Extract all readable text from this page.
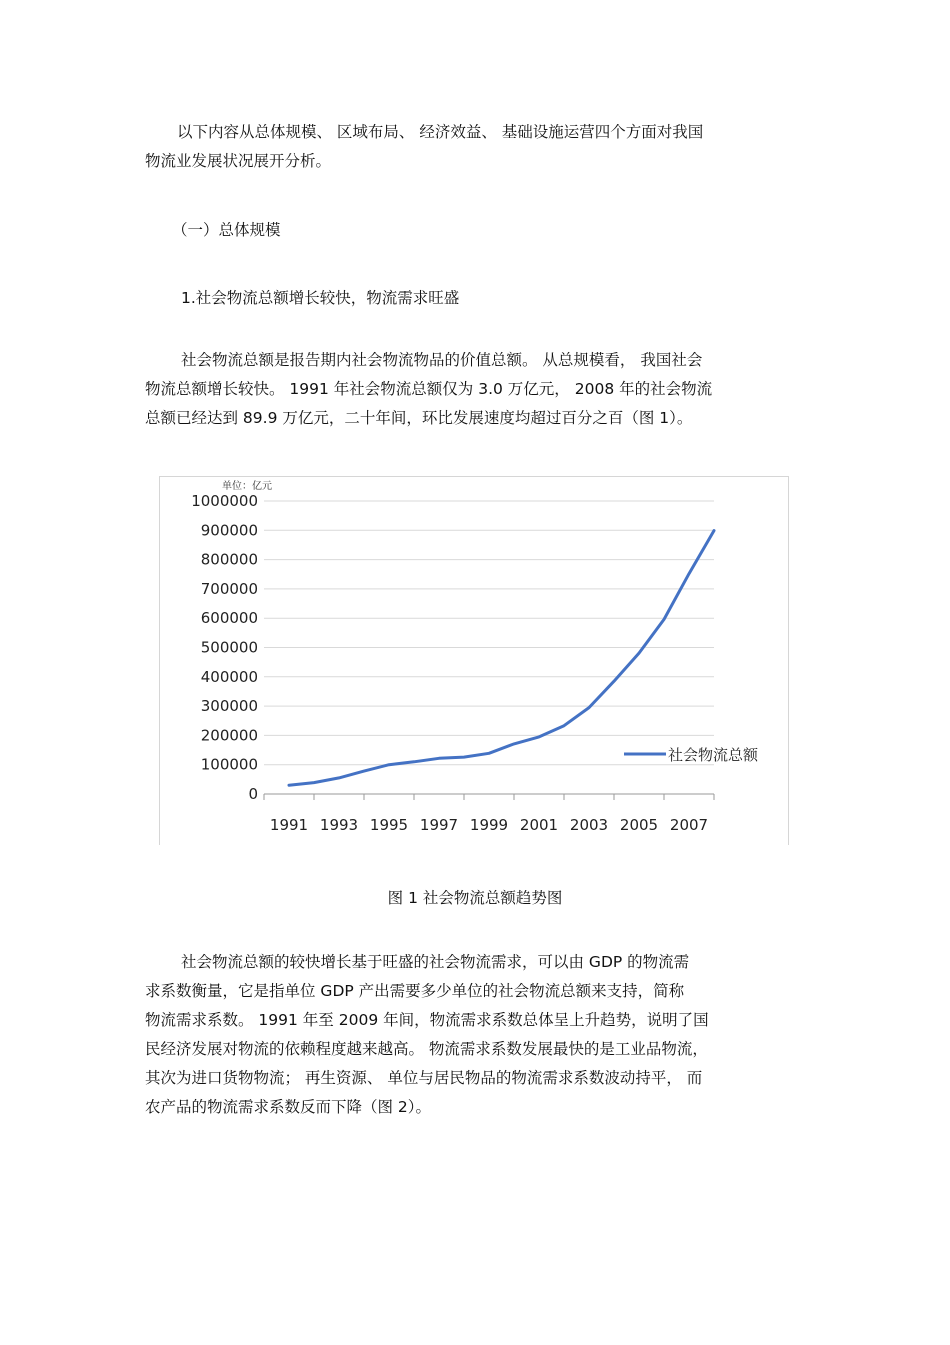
以下内容从总体规模、 区域布局、 经济效益、 基础设施运营四个方面对我国
物流业发展状况展开分析。

（一）总体规模

1.社会物流总额增长较快，物流需求旺盛

社会物流总额是报告期内社会物流物品的价值总额。 从总规模看， 我国社会
物流总额增长较快。 1991 年社会物流总额仅为 3.0 万亿元， 2008 年的社会物流
总额已经达到 89.9 万亿元，二十年间，环比发展速度均超过百分之百（图 1）。

0
100000
200000
300000
400000
500000
600000
700000
800000
900000
1000000
1991 1993 1995 1997 1999 2001 2003 2005 2007
单位：亿元
社会物流总额

图 1 社会物流总额趋势图

社会物流总额的较快增长基于旺盛的社会物流需求，可以由 GDP 的物流需
求系数衡量，它是指单位 GDP 产出需要多少单位的社会物流总额来支持，简称
物流需求系数。 1991 年至 2009 年间，物流需求系数总体呈上升趋势，说明了国
民经济发展对物流的依赖程度越来越高。 物流需求系数发展最快的是工业品物流，
其次为进口货物物流； 再生资源、 单位与居民物品的物流需求系数波动持平， 而
农产品的物流需求系数反而下降（图 2）。
